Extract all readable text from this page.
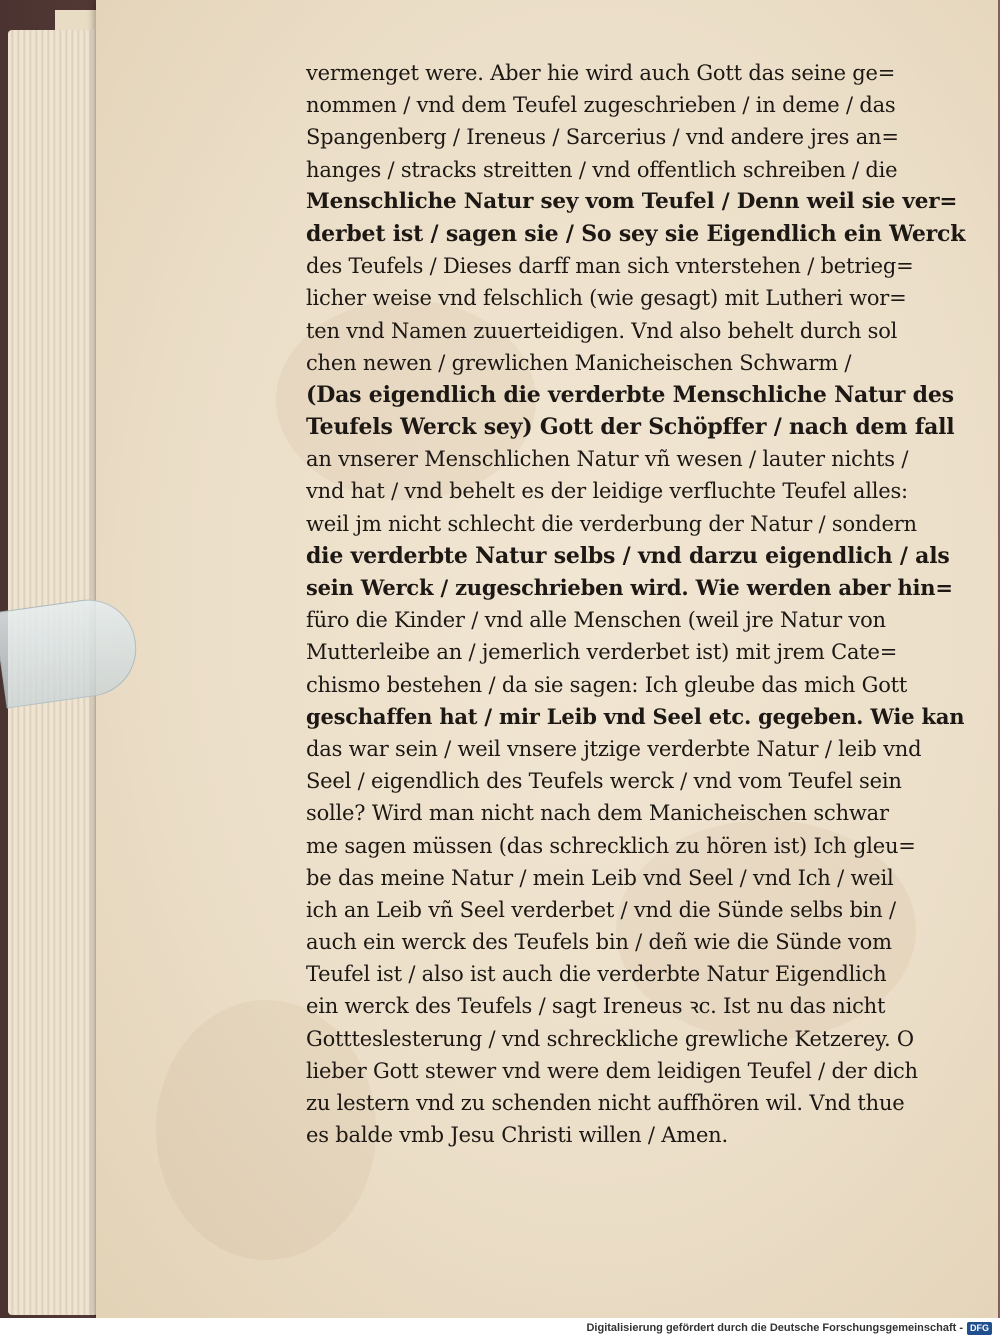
vermenget were. Aber hie wird auch Gott das seine ge=
nommen / vnd dem Teufel zugeschrieben / in deme / das
Spangenberg / Ireneus / Sarcerius / vnd andere jres an=
hanges / stracks streitten / vnd offentlich schreiben / die
Menschliche Natur sey vom Teufel / Denn weil sie ver=
derbet ist / sagen sie / So sey sie Eigendlich ein Werck
des Teufels / Dieses darff man sich vnterstehen / betrieg=
licher weise vnd felschlich (wie gesagt) mit Lutheri wor=
ten vnd Namen zuuerteidigen. Vnd also behelt durch sol
chen newen / grewlichen Manicheischen Schwarm /
(Das eigendlich die verderbte Menschliche Natur des
Teufels Werck sey) Gott der Schöpffer / nach dem fall
an vnserer Menschlichen Natur vñ wesen / lauter nichts /
vnd hat / vnd behelt es der leidige verfluchte Teufel alles:
weil jm nicht schlecht die verderbung der Natur / sondern
die verderbte Natur selbs / vnd darzu eigendlich / als
sein Werck / zugeschrieben wird. Wie werden aber hin=
füro die Kinder / vnd alle Menschen (weil jre Natur von
Mutterleibe an / jemerlich verderbet ist) mit jrem Cate=
chismo bestehen / da sie sagen: Ich gleube das mich Gott
geschaffen hat / mir Leib vnd Seel etc. gegeben. Wie kan
das war sein / weil vnsere jtzige verderbte Natur / leib vnd
Seel / eigendlich des Teufels werck / vnd vom Teufel sein
solle? Wird man nicht nach dem Manicheischen schwar
me sagen müssen (das schrecklich zu hören ist) Ich gleu=
be das meine Natur / mein Leib vnd Seel / vnd Ich / weil
ich an Leib vñ Seel verderbet / vnd die Sünde selbs bin /
auch ein werck des Teufels bin / deñ wie die Sünde vom
Teufel ist / also ist auch die verderbte Natur Eigendlich
ein werck des Teufels / sagt Ireneus ꝛc. Ist nu das nicht
Gottteslesterung / vnd schreckliche grewliche Ketzerey. O
lieber Gott stewer vnd were dem leidigen Teufel / der dich
zu lestern vnd zu schenden nicht auffhören wil. Vnd thue
es balde vmb Jesu Christi willen / Amen.
Digitalisierung gefördert durch die Deutsche Forschungsgemeinschaft - DFG
